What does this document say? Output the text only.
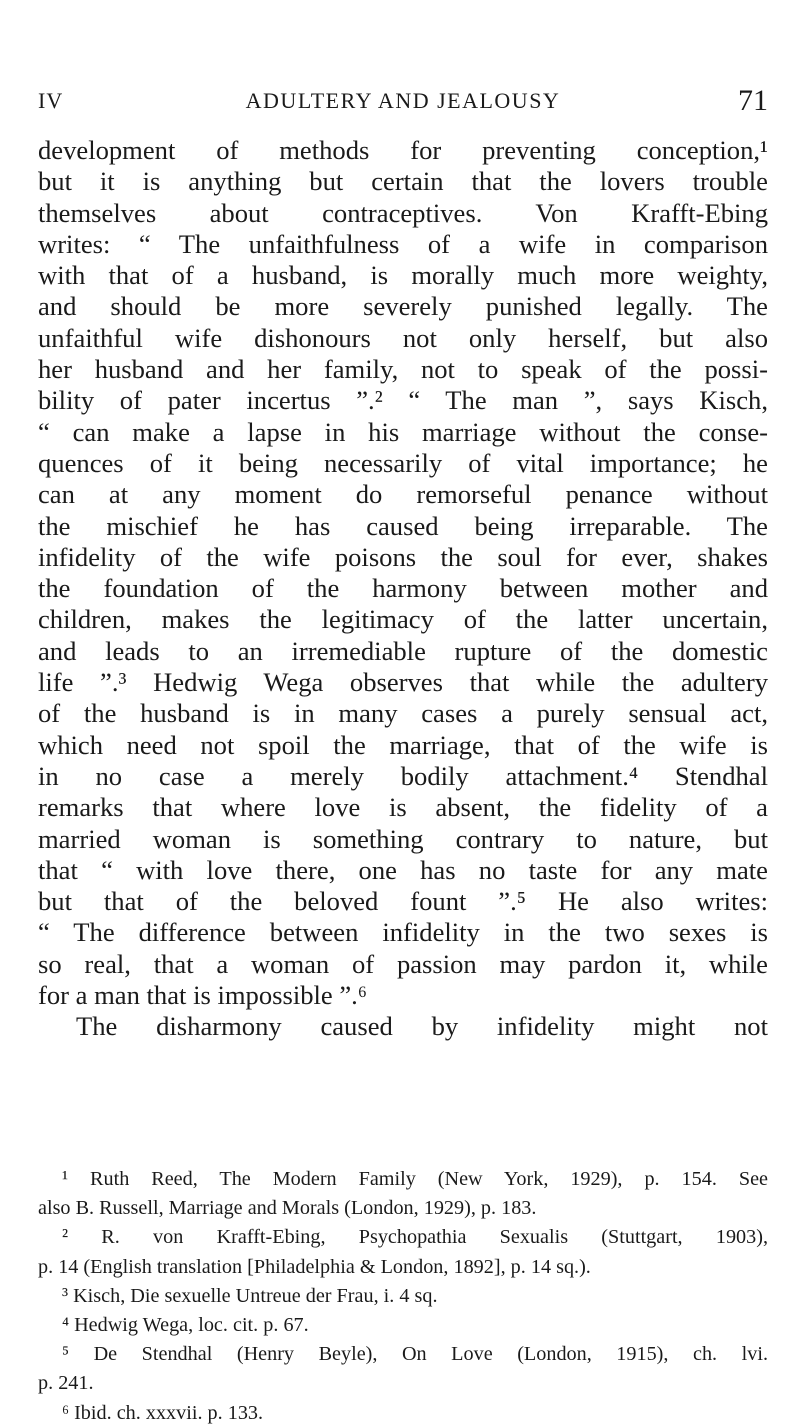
IV	ADULTERY AND JEALOUSY	71
development of methods for preventing conception,¹
but it is anything but certain that the lovers trouble
themselves about contraceptives. Von Krafft-Ebing
writes: “ The unfaithfulness of a wife in comparison
with that of a husband, is morally much more weighty,
and should be more severely punished legally. The
unfaithful wife dishonours not only herself, but also
her husband and her family, not to speak of the possi-
bility of pater incertus ”.² “ The man ”, says Kisch,
“ can make a lapse in his marriage without the conse-
quences of it being necessarily of vital importance; he
can at any moment do remorseful penance without
the mischief he has caused being irreparable. The
infidelity of the wife poisons the soul for ever, shakes
the foundation of the harmony between mother and
children, makes the legitimacy of the latter uncertain,
and leads to an irremediable rupture of the domestic
life ”.³ Hedwig Wega observes that while the adultery
of the husband is in many cases a purely sensual act,
which need not spoil the marriage, that of the wife is
in no case a merely bodily attachment.⁴ Stendhal
remarks that where love is absent, the fidelity of a
married woman is something contrary to nature, but
that “ with love there, one has no taste for any mate
but that of the beloved fount ”.⁵ He also writes:
“ The difference between infidelity in the two sexes is
so real, that a woman of passion may pardon it, while
for a man that is impossible ”.⁶
The disharmony caused by infidelity might not
¹ Ruth Reed, The Modern Family (New York, 1929), p. 154. See
also B. Russell, Marriage and Morals (London, 1929), p. 183.
² R. von Krafft-Ebing, Psychopathia Sexualis (Stuttgart, 1903),
p. 14 (English translation [Philadelphia & London, 1892], p. 14 sq.).
³ Kisch, Die sexuelle Untreue der Frau, i. 4 sq.
⁴ Hedwig Wega, loc. cit. p. 67.
⁵ De Stendhal (Henry Beyle), On Love (London, 1915), ch. lvi.
p. 241.
⁶ Ibid. ch. xxxvii. p. 133.
